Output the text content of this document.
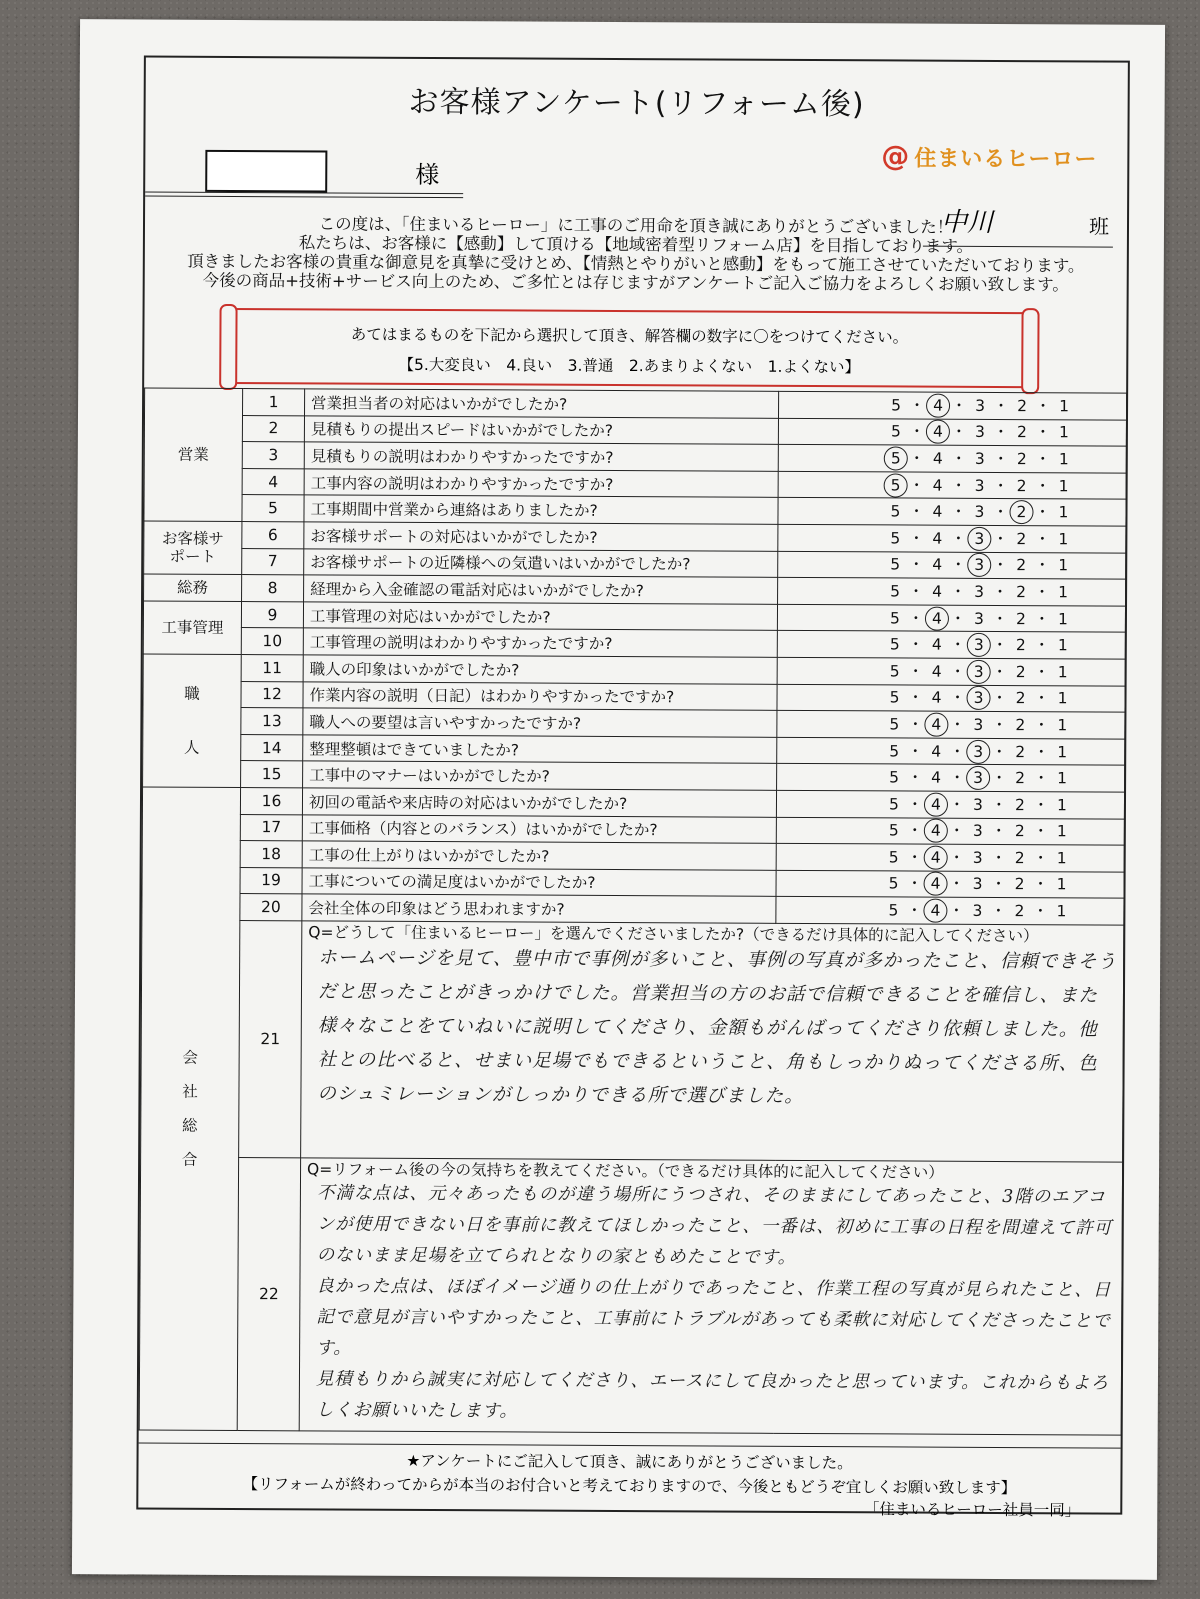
お客様アンケート(リフォーム後)
様
@ 住まいるヒーロー
中川	班
この度は、「住まいるヒーロー」に工事のご用命を頂き誠にありがとうございました！
私たちは、お客様に【感動】して頂ける【地域密着型リフォーム店】を目指しております。
頂きましたお客様の貴重な御意見を真摯に受けとめ、【情熱とやりがいと感動】をもって施工させていただいております。
今後の商品+技術+サービス向上のため、ご多忙とは存じますがアンケートご記入ご協力をよろしくお願い致します。
あてはまるものを下記から選択して頂き、解答欄の数字に〇をつけてください。
【5.大変良い　4.良い　3.普通　2.あまりよくない　1.よくない】
営業	1	営業担当者の対応はいかがでしたか?	5 ・ 4 ・ 3 ・ 2 ・ 1
	2	見積もりの提出スピードはいかがでしたか?	5 ・ 4 ・ 3 ・ 2 ・ 1
	3	見積もりの説明はわかりやすかったですか?	5 ・ 4 ・ 3 ・ 2 ・ 1
	4	工事内容の説明はわかりやすかったですか?	5 ・ 4 ・ 3 ・ 2 ・ 1
	5	工事期間中営業から連絡はありましたか?	5 ・ 4 ・ 3 ・ 2 ・ 1
お客様サポート	6	お客様サポートの対応はいかがでしたか?	5 ・ 4 ・ 3 ・ 2 ・ 1
	7	お客様サポートの近隣様への気遣いはいかがでしたか?	5 ・ 4 ・ 3 ・ 2 ・ 1
総務	8	経理から入金確認の電話対応はいかがでしたか?	5 ・ 4 ・ 3 ・ 2 ・ 1
工事管理	9	工事管理の対応はいかがでしたか?	5 ・ 4 ・ 3 ・ 2 ・ 1
	10	工事管理の説明はわかりやすかったですか?	5 ・ 4 ・ 3 ・ 2 ・ 1
職人	11	職人の印象はいかがでしたか?	5 ・ 4 ・ 3 ・ 2 ・ 1
	12	作業内容の説明（日記）はわかりやすかったですか?	5 ・ 4 ・ 3 ・ 2 ・ 1
	13	職人への要望は言いやすかったですか?	5 ・ 4 ・ 3 ・ 2 ・ 1
	14	整理整頓はできていましたか?	5 ・ 4 ・ 3 ・ 2 ・ 1
	15	工事中のマナーはいかがでしたか?	5 ・ 4 ・ 3 ・ 2 ・ 1
会社総合	16	初回の電話や来店時の対応はいかがでしたか?	5 ・ 4 ・ 3 ・ 2 ・ 1
	17	工事価格（内容とのバランス）はいかがでしたか?	5 ・ 4 ・ 3 ・ 2 ・ 1
	18	工事の仕上がりはいかがでしたか?	5 ・ 4 ・ 3 ・ 2 ・ 1
	19	工事についての満足度はいかがでしたか?	5 ・ 4 ・ 3 ・ 2 ・ 1
	20	会社全体の印象はどう思われますか?	5 ・ 4 ・ 3 ・ 2 ・ 1
	21	Q=どうして「住まいるヒーロー」を選んでくださいましたか?（できるだけ具体的に記入してください）
ホームページを見て、豊中市で事例が多いこと、事例の写真が多かったこと、信頼できそうだと思ったことがきっかけでした。営業担当の方のお話で信頼できることを確信し、また様々なことをていねいに説明してくださり、金額もがんばってくださり依頼しました。他社との比べると、せまい足場でもできるということ、角もしっかりぬってくださる所、色のシュミレーションがしっかりできる所で選びました。	

	22	Q=リフォーム後の今の気持ちを教えてください。（できるだけ具体的に記入してください）
不満な点は、元々あったものが違う場所にうつされ、そのままにしてあったこと、3階のエアコンが使用できない日を事前に教えてほしかったこと、一番は、初めに工事の日程を間違えて許可のないまま足場を立てられとなりの家ともめたことです。
良かった点は、ほぼイメージ通りの仕上がりであったこと、作業工程の写真が見られたこと、日記で意見が言いやすかったこと、工事前にトラブルがあっても柔軟に対応してくださったことです。
見積もりから誠実に対応してくださり、エースにして良かったと思っています。これからもよろしくお願いいたします。	
★アンケートにご記入して頂き、誠にありがとうございました。
【リフォームが終わってからが本当のお付合いと考えておりますので、今後ともどうぞ宜しくお願い致します】
「住まいるヒーロー社員一同」
